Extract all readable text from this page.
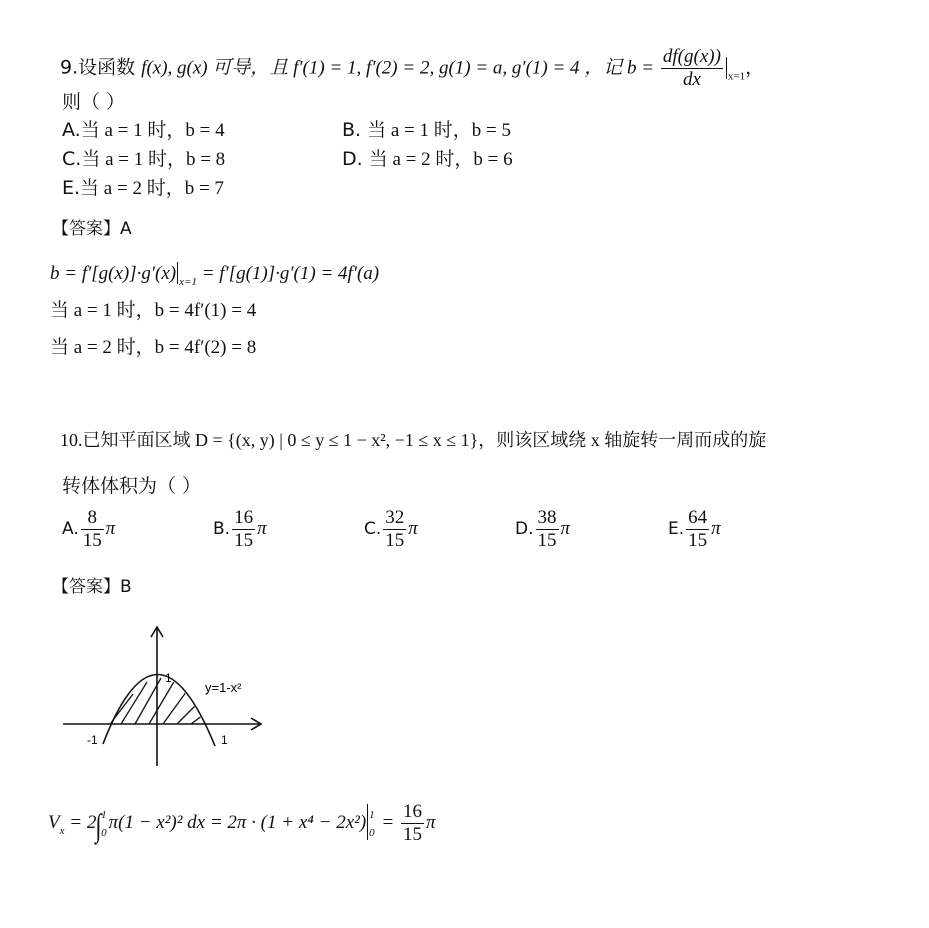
9.设函数 f(x), g(x) 可导，且 f′(1) = 1, f′(2) = 2, g(1) = a, g′(1) = 4 ，记 $b = \frac{df(g(x))}{dx} _{x=1}$，
则（ ）
A.当 a = 1 时，b = 4	B. 当 a = 1 时，b = 5
C.当 a = 1 时，b = 8	D. 当 a = 2 时，b = 6
E.当 a = 2 时，b = 7
【答案】A
b = f′[g(x)]·g′(x) $_{x=1}$ = f′[g(1)]·g′(1) = 4f′(a)
当 a = 1 时，b = 4f′(1) = 4
当 a = 2 时，b = 4f′(2) = 8
10.已知平面区域 D = {(x, y) | 0 ≤ y ≤ 1 − x², −1 ≤ x ≤ 1}，则该区域绕 x 轴旋转一周而成的旋
转体体积为（ ）
A. $\frac{8}{15}$ π	B. $\frac{16}{15}$ π	C. $\frac{32}{15}$ π	D. $\frac{38}{15}$ π	E. $\frac{64}{15}$ π
【答案】B
1
y=1-x²
-1	1
$V_x = 2\int$ 1
0 π(1 − x²)² dx = 2π · (1 + x⁴ − 2x²) 1
$0 = \frac{16}{15}$ π
